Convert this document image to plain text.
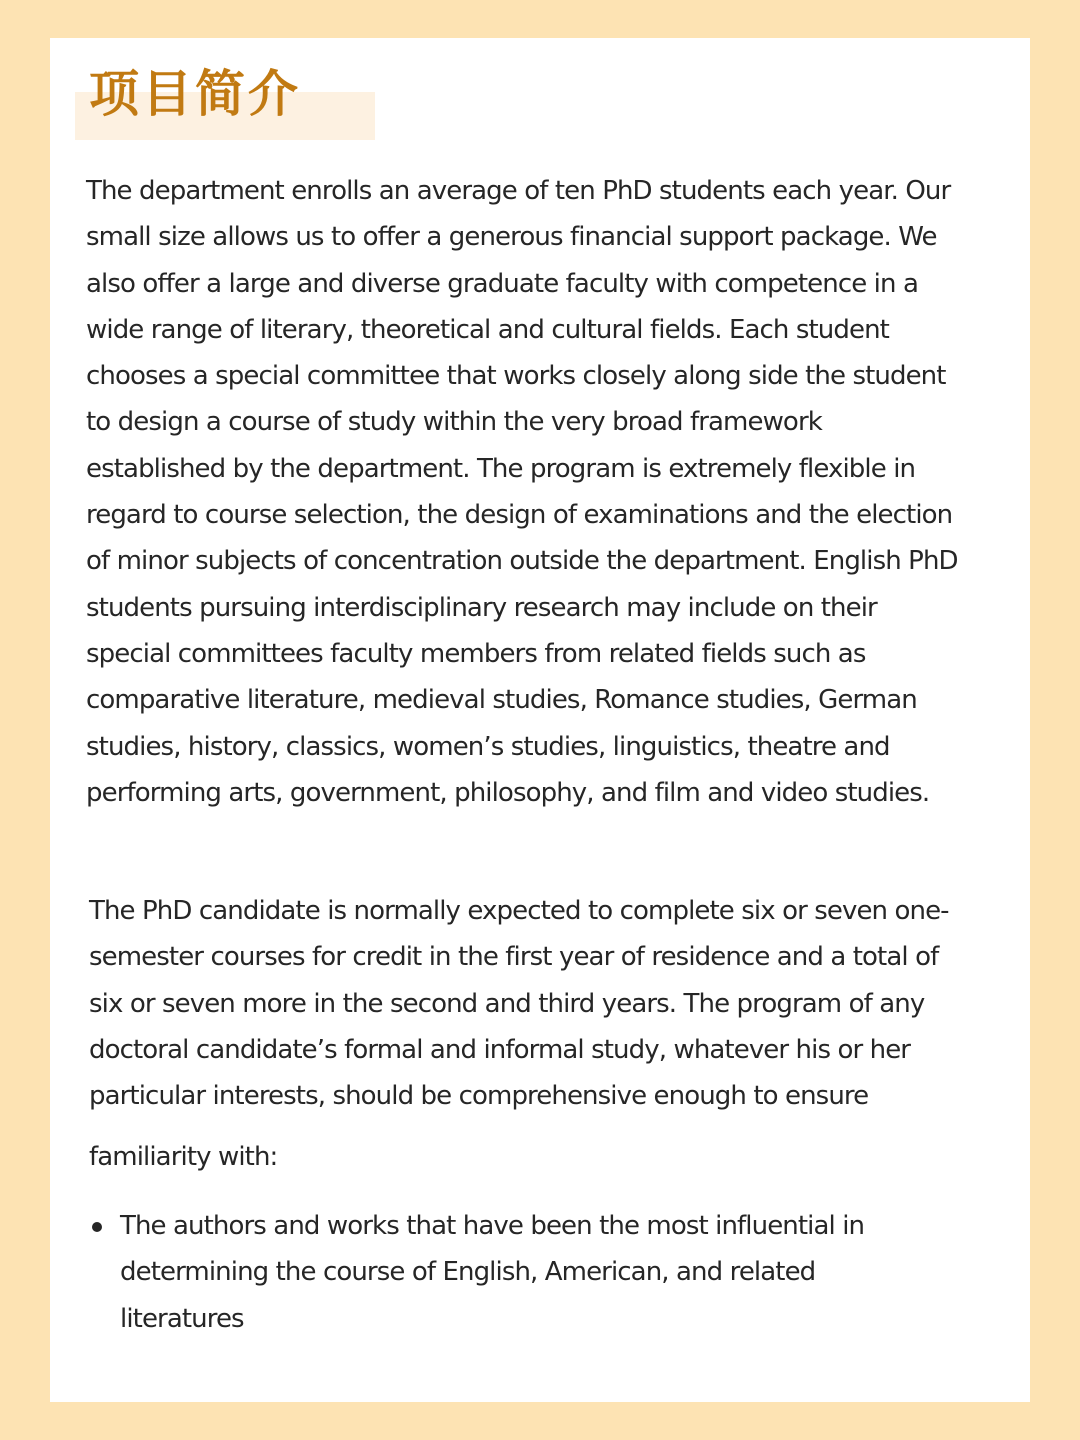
项目简介

The department enrolls an average of ten PhD students each year. Our small size allows us to offer a generous financial support package. We also offer a large and diverse graduate faculty with competence in a wide range of literary, theoretical and cultural fields. Each student chooses a special committee that works closely along side the student to design a course of study within the very broad framework established by the department. The program is extremely flexible in regard to course selection, the design of examinations and the election of minor subjects of concentration outside the department. English PhD students pursuing interdisciplinary research may include on their special committees faculty members from related fields such as comparative literature, medieval studies, Romance studies, German studies, history, classics, women’s studies, linguistics, theatre and performing arts, government, philosophy, and film and video studies.

The PhD candidate is normally expected to complete six or seven one-semester courses for credit in the first year of residence and a total of six or seven more in the second and third years. The program of any doctoral candidate’s formal and informal study, whatever his or her particular interests, should be comprehensive enough to ensure

familiarity with:

The authors and works that have been the most influential in determining the course of English, American, and related literatures
